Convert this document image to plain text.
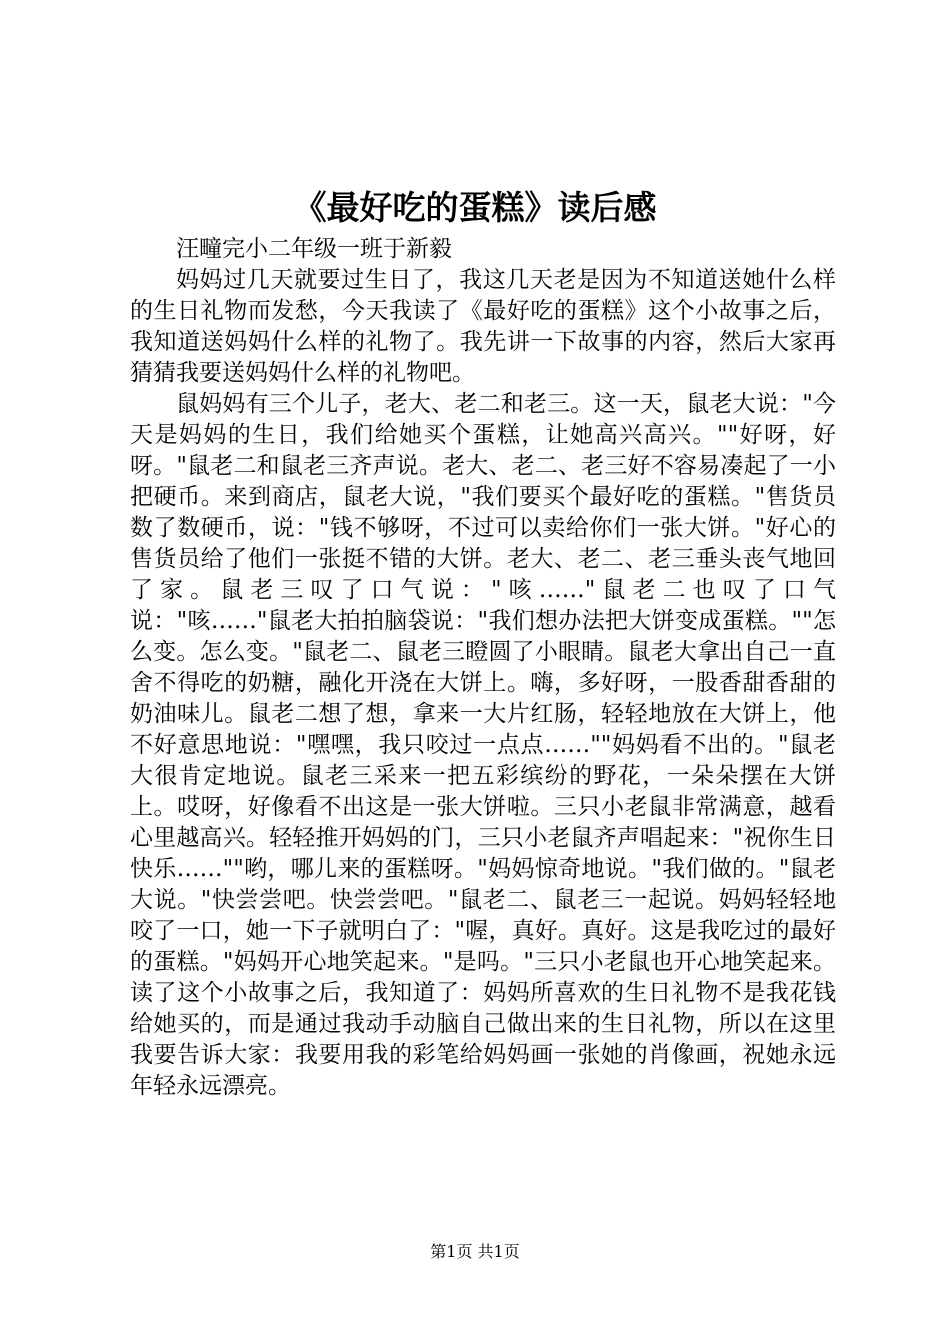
《最好吃的蛋糕》读后感

汪疃完小二年级一班于新毅

妈妈过几天就要过生日了，我这几天老是因为不知道送她什么样的生日礼物而发愁，今天我读了《最好吃的蛋糕》这个小故事之后，我知道送妈妈什么样的礼物了。我先讲一下故事的内容，然后大家再猜猜我要送妈妈什么样的礼物吧。

鼠妈妈有三个儿子，老大、老二和老三。这一天，鼠老大说："今天是妈妈的生日，我们给她买个蛋糕，让她高兴高兴。""好呀，好呀。"鼠老二和鼠老三齐声说。老大、老二、老三好不容易凑起了一小把硬币。来到商店，鼠老大说，"我们要买个最好吃的蛋糕。"售货员数了数硬币，说："钱不够呀，不过可以卖给你们一张大饼。"好心的售货员给了他们一张挺不错的大饼。老大、老二、老三垂头丧气地回了家。鼠老三叹了口气说："咳……"鼠老二也叹了口气说："咳……"鼠老大拍拍脑袋说："我们想办法把大饼变成蛋糕。""怎么变。怎么变。"鼠老二、鼠老三瞪圆了小眼睛。鼠老大拿出自己一直舍不得吃的奶糖，融化开浇在大饼上。嗨，多好呀，一股香甜香甜的奶油味儿。鼠老二想了想，拿来一大片红肠，轻轻地放在大饼上，他不好意思地说："嘿嘿，我只咬过一点点……""妈妈看不出的。"鼠老大很肯定地说。鼠老三采来一把五彩缤纷的野花，一朵朵摆在大饼上。哎呀，好像看不出这是一张大饼啦。三只小老鼠非常满意，越看心里越高兴。轻轻推开妈妈的门，三只小老鼠齐声唱起来："祝你生日快乐……""哟，哪儿来的蛋糕呀。"妈妈惊奇地说。"我们做的。"鼠老大说。"快尝尝吧。快尝尝吧。"鼠老二、鼠老三一起说。妈妈轻轻地咬了一口，她一下子就明白了："喔，真好。真好。这是我吃过的最好的蛋糕。"妈妈开心地笑起来。"是吗。"三只小老鼠也开心地笑起来。读了这个小故事之后，我知道了：妈妈所喜欢的生日礼物不是我花钱给她买的，而是通过我动手动脑自己做出来的生日礼物，所以在这里我要告诉大家：我要用我的彩笔给妈妈画一张她的肖像画，祝她永远年轻永远漂亮。

第1页 共1页
